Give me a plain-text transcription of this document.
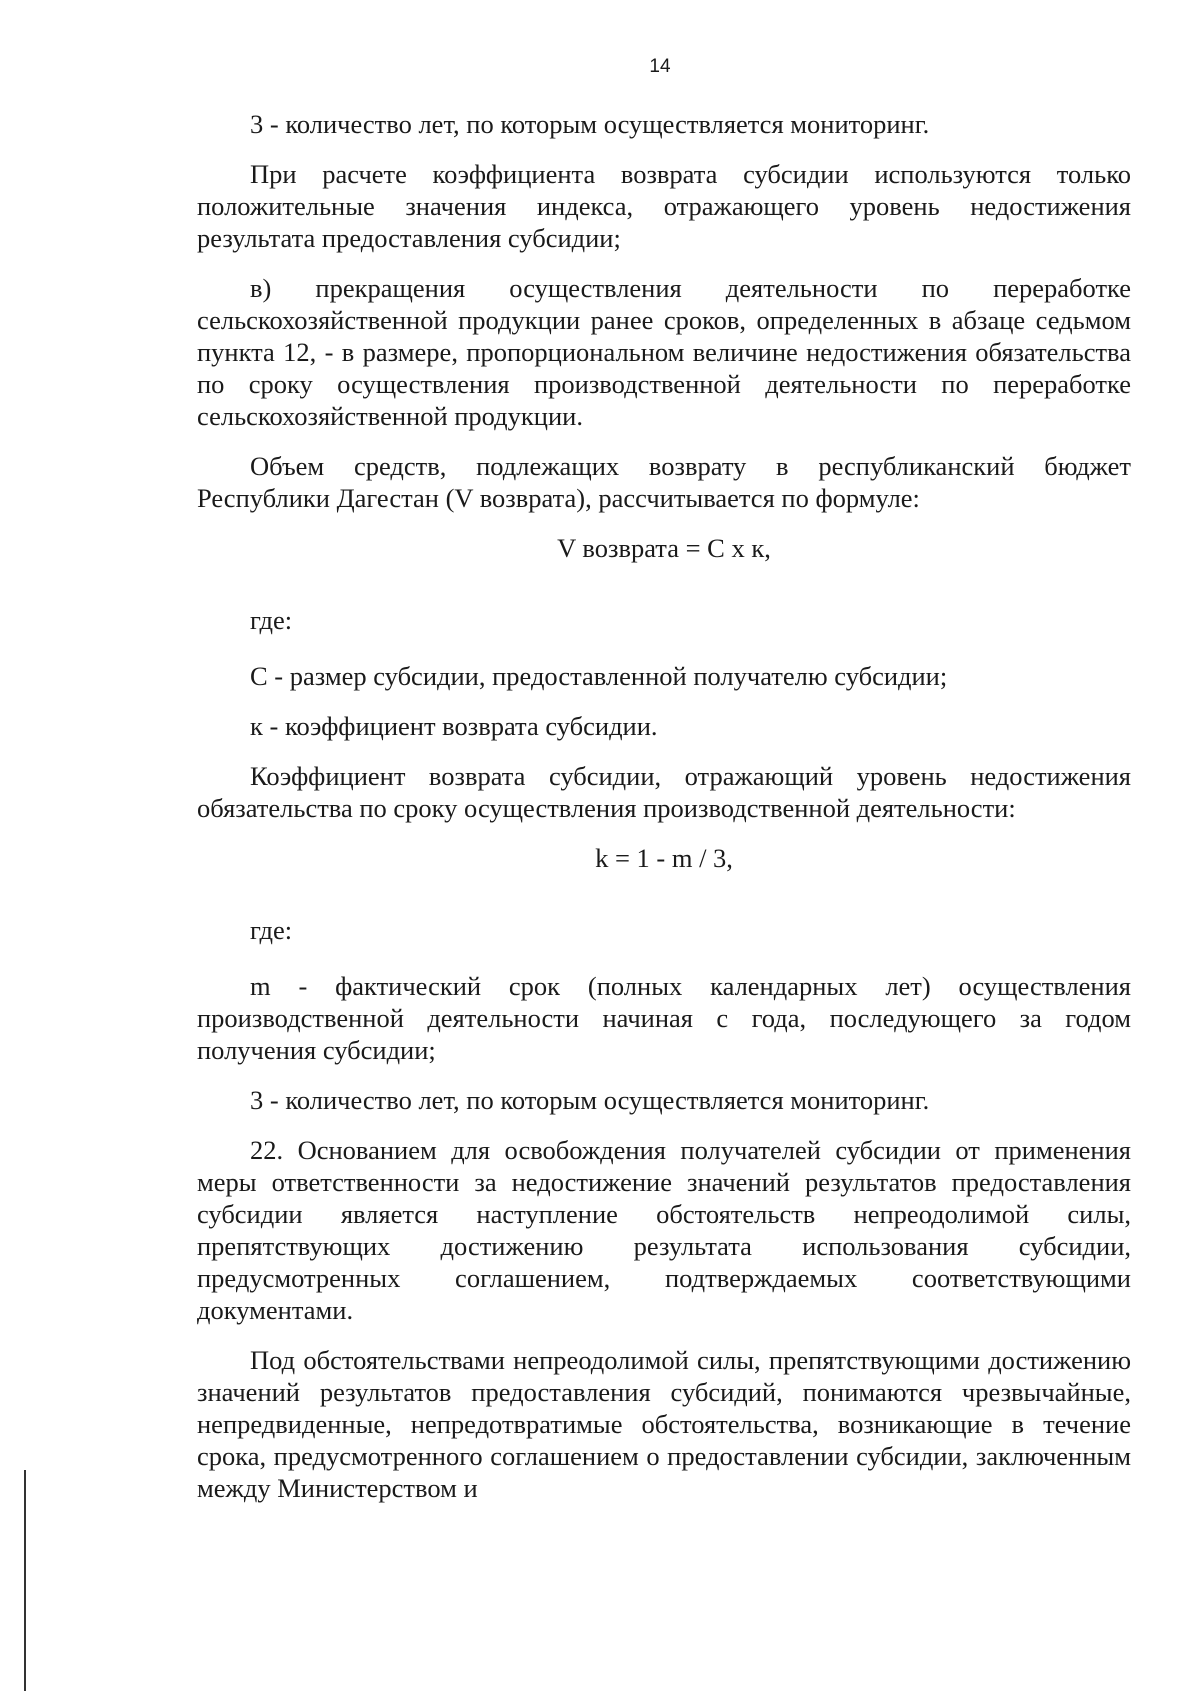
14

3 - количество лет, по которым осуществляется мониторинг.

При расчете коэффициента возврата субсидии используются только положительные значения индекса, отражающего уровень недостижения результата предоставления субсидии;

в) прекращения осуществления деятельности по переработке сельскохозяйственной продукции ранее сроков, определенных в абзаце седьмом пункта 12, - в размере, пропорциональном величине недостижения обязательства по сроку осуществления производственной деятельности по переработке сельскохозяйственной продукции.

Объем средств, подлежащих возврату в республиканский бюджет Республики Дагестан (V возврата), рассчитывается по формуле:

V возврата = С х к,

где:

С - размер субсидии, предоставленной получателю субсидии;

к - коэффициент возврата субсидии.

Коэффициент возврата субсидии, отражающий уровень недостижения обязательства по сроку осуществления производственной деятельности:

k = 1 - m / 3,

где:

m - фактический срок (полных календарных лет) осуществления производственной деятельности начиная с года, последующего за годом получения субсидии;

3 - количество лет, по которым осуществляется мониторинг.

22. Основанием для освобождения получателей субсидии от применения меры ответственности за недостижение значений результатов предоставления субсидии является наступление обстоятельств непреодолимой силы, препятствующих достижению результата использования субсидии, предусмотренных соглашением, подтверждаемых соответствующими документами.

Под обстоятельствами непреодолимой силы, препятствующими достижению значений результатов предоставления субсидий, понимаются чрезвычайные, непредвиденные, непредотвратимые обстоятельства, возникающие в течение срока, предусмотренного соглашением о предоставлении субсидии, заключенным между Министерством и
